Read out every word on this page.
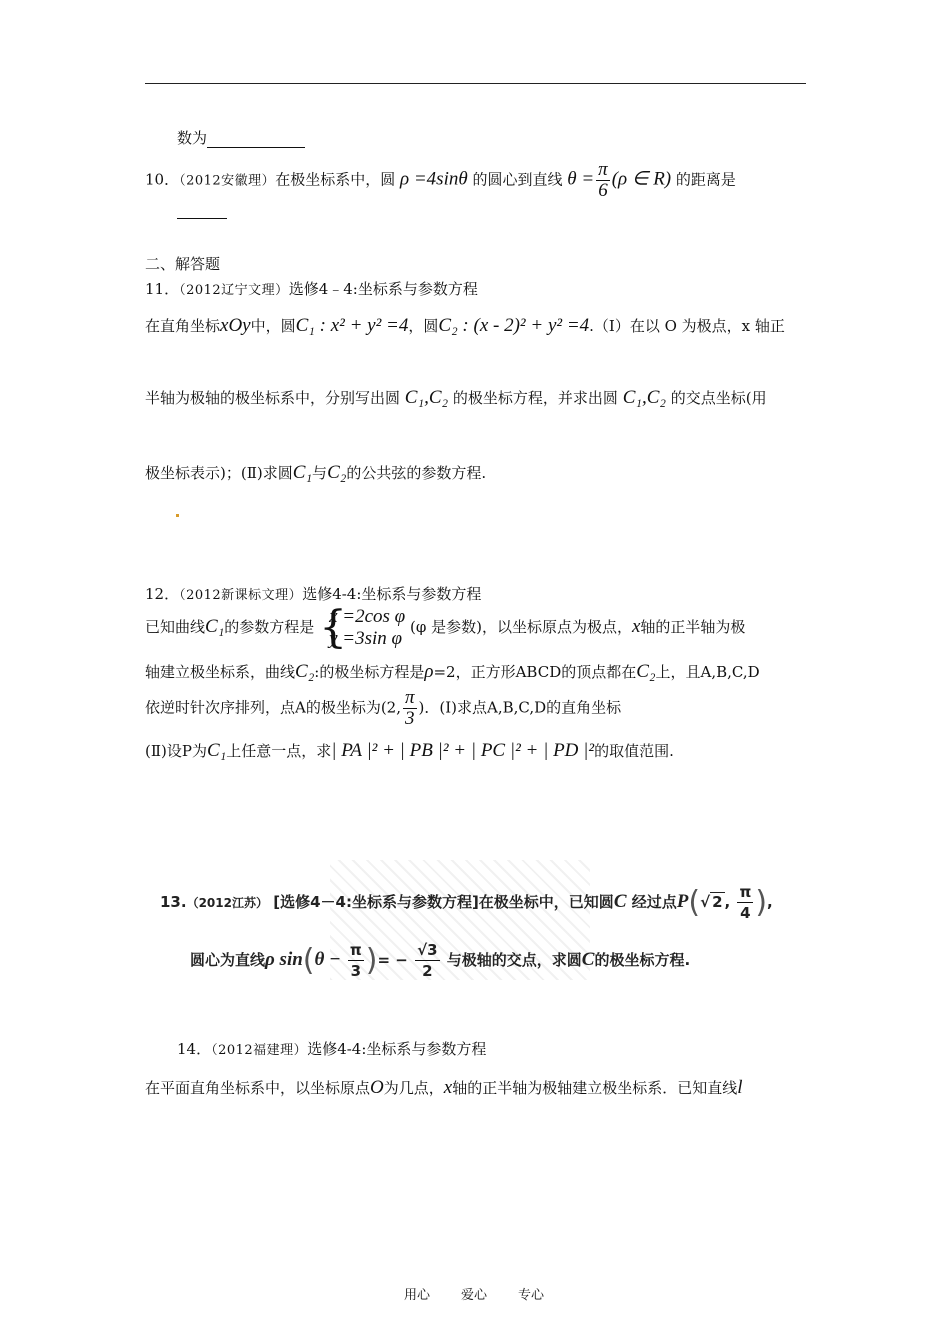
数为
10．（2012安徽理）在极坐标系中，圆 ρ =4sinθ 的圆心到直线 $\theta = \frac{\pi}{6} (\rho$ ∈ R) 的距离是

二、解答题
11．（2012辽宁文理）选修4﹣4:坐标系与参数方程
在直角坐标xOy中，圆C₁ : x² + y² =4，圆C₂ : (x - 2)² + y² =4.（Ⅰ）在以 O 为极点，x 轴正
半轴为极轴的极坐标系中，分别写出圆 C₁,C₂ 的极坐标方程，并求出圆 C₁,C₂ 的交点坐标(用
极坐标表示)；(Ⅱ)求圆C₁与C₂的公共弦的参数方程.
12．（2012新课标文理）选修4-4:坐标系与参数方程
已知曲线C₁的参数方程是 {
x =2cos φ
y =3sin φ
(φ 是参数)，以坐标原点为极点，x轴的正半轴为极
轴建立极坐标系，曲线C₂:的极坐标方程是ρ=2，正方形ABCD的顶点都在C₂上，且A,B,C,D
依逆时针次序排列，点A的极坐标为(2, $\frac{\pi}{3}$ )．(Ⅰ)求点A,B,C,D的直角坐标
(Ⅱ)设P为C₁上任意一点，求| PA |² + | PB |² + | PC |² + | PD |²的取值范围.
13.（2012江苏） [选修4－4:坐标系与参数方程]在极坐标中，已知圆C 经过点P(√ 2 , $\frac{\pi}{4}$ ),
圆心为直线ρ $\sin(\theta - \frac{\pi}{3}$ )= − $\frac{√3}{2}$ 与极轴的交点，求圆C的极坐标方程.
14．（2012福建理）选修4-4:坐标系与参数方程
在平面直角坐标系中，以坐标原点O为几点，x轴的正半轴为极轴建立极坐标系．已知直线l
用心 爱心 专心
